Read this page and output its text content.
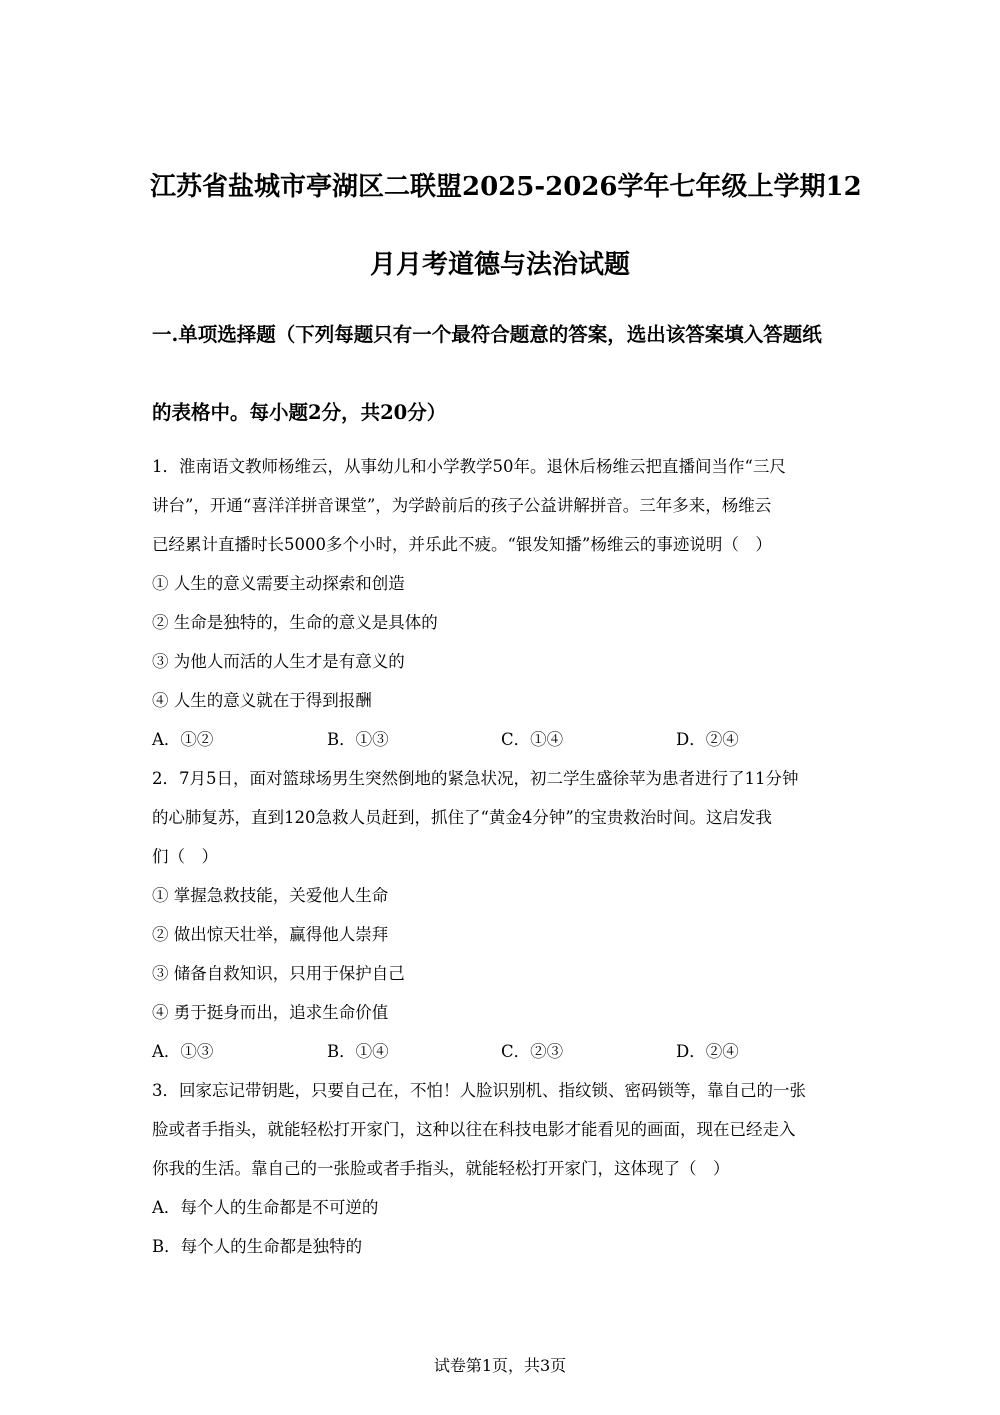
江苏省盐城市亭湖区二联盟2025-2026学年七年级上学期12
月月考道德与法治试题
一.单项选择题（下列每题只有一个最符合题意的答案，选出该答案填入答题纸
的表格中。每小题2分，共20分）
1．淮南语文教师杨维云，从事幼儿和小学教学50年。退休后杨维云把直播间当作“三尺
讲台”，开通“喜洋洋拼音课堂”，为学龄前后的孩子公益讲解拼音。三年多来，杨维云
已经累计直播时长5000多个小时，并乐此不疲。“银发知播”杨维云的事迹说明（　）
① 人生的意义需要主动探索和创造
② 生命是独特的，生命的意义是具体的
③ 为他人而活的人生才是有意义的
④ 人生的意义就在于得到报酬
A．①②	B．①③	C．①④	D．②④
2．7月5日，面对篮球场男生突然倒地的紧急状况，初二学生盛徐苹为患者进行了11分钟
的心肺复苏，直到120急救人员赶到，抓住了“黄金4分钟”的宝贵救治时间。这启发我
们（　）
① 掌握急救技能，关爱他人生命
② 做出惊天壮举，赢得他人崇拜
③ 储备自救知识，只用于保护自己
④ 勇于挺身而出，追求生命价值
A．①③	B．①④	C．②③	D．②④
3．回家忘记带钥匙，只要自己在，不怕！人脸识别机、指纹锁、密码锁等，靠自己的一张
脸或者手指头，就能轻松打开家门，这种以往在科技电影才能看见的画面，现在已经走入
你我的生活。靠自己的一张脸或者手指头，就能轻松打开家门，这体现了（　）
A．每个人的生命都是不可逆的
B．每个人的生命都是独特的
试卷第1页，共3页
